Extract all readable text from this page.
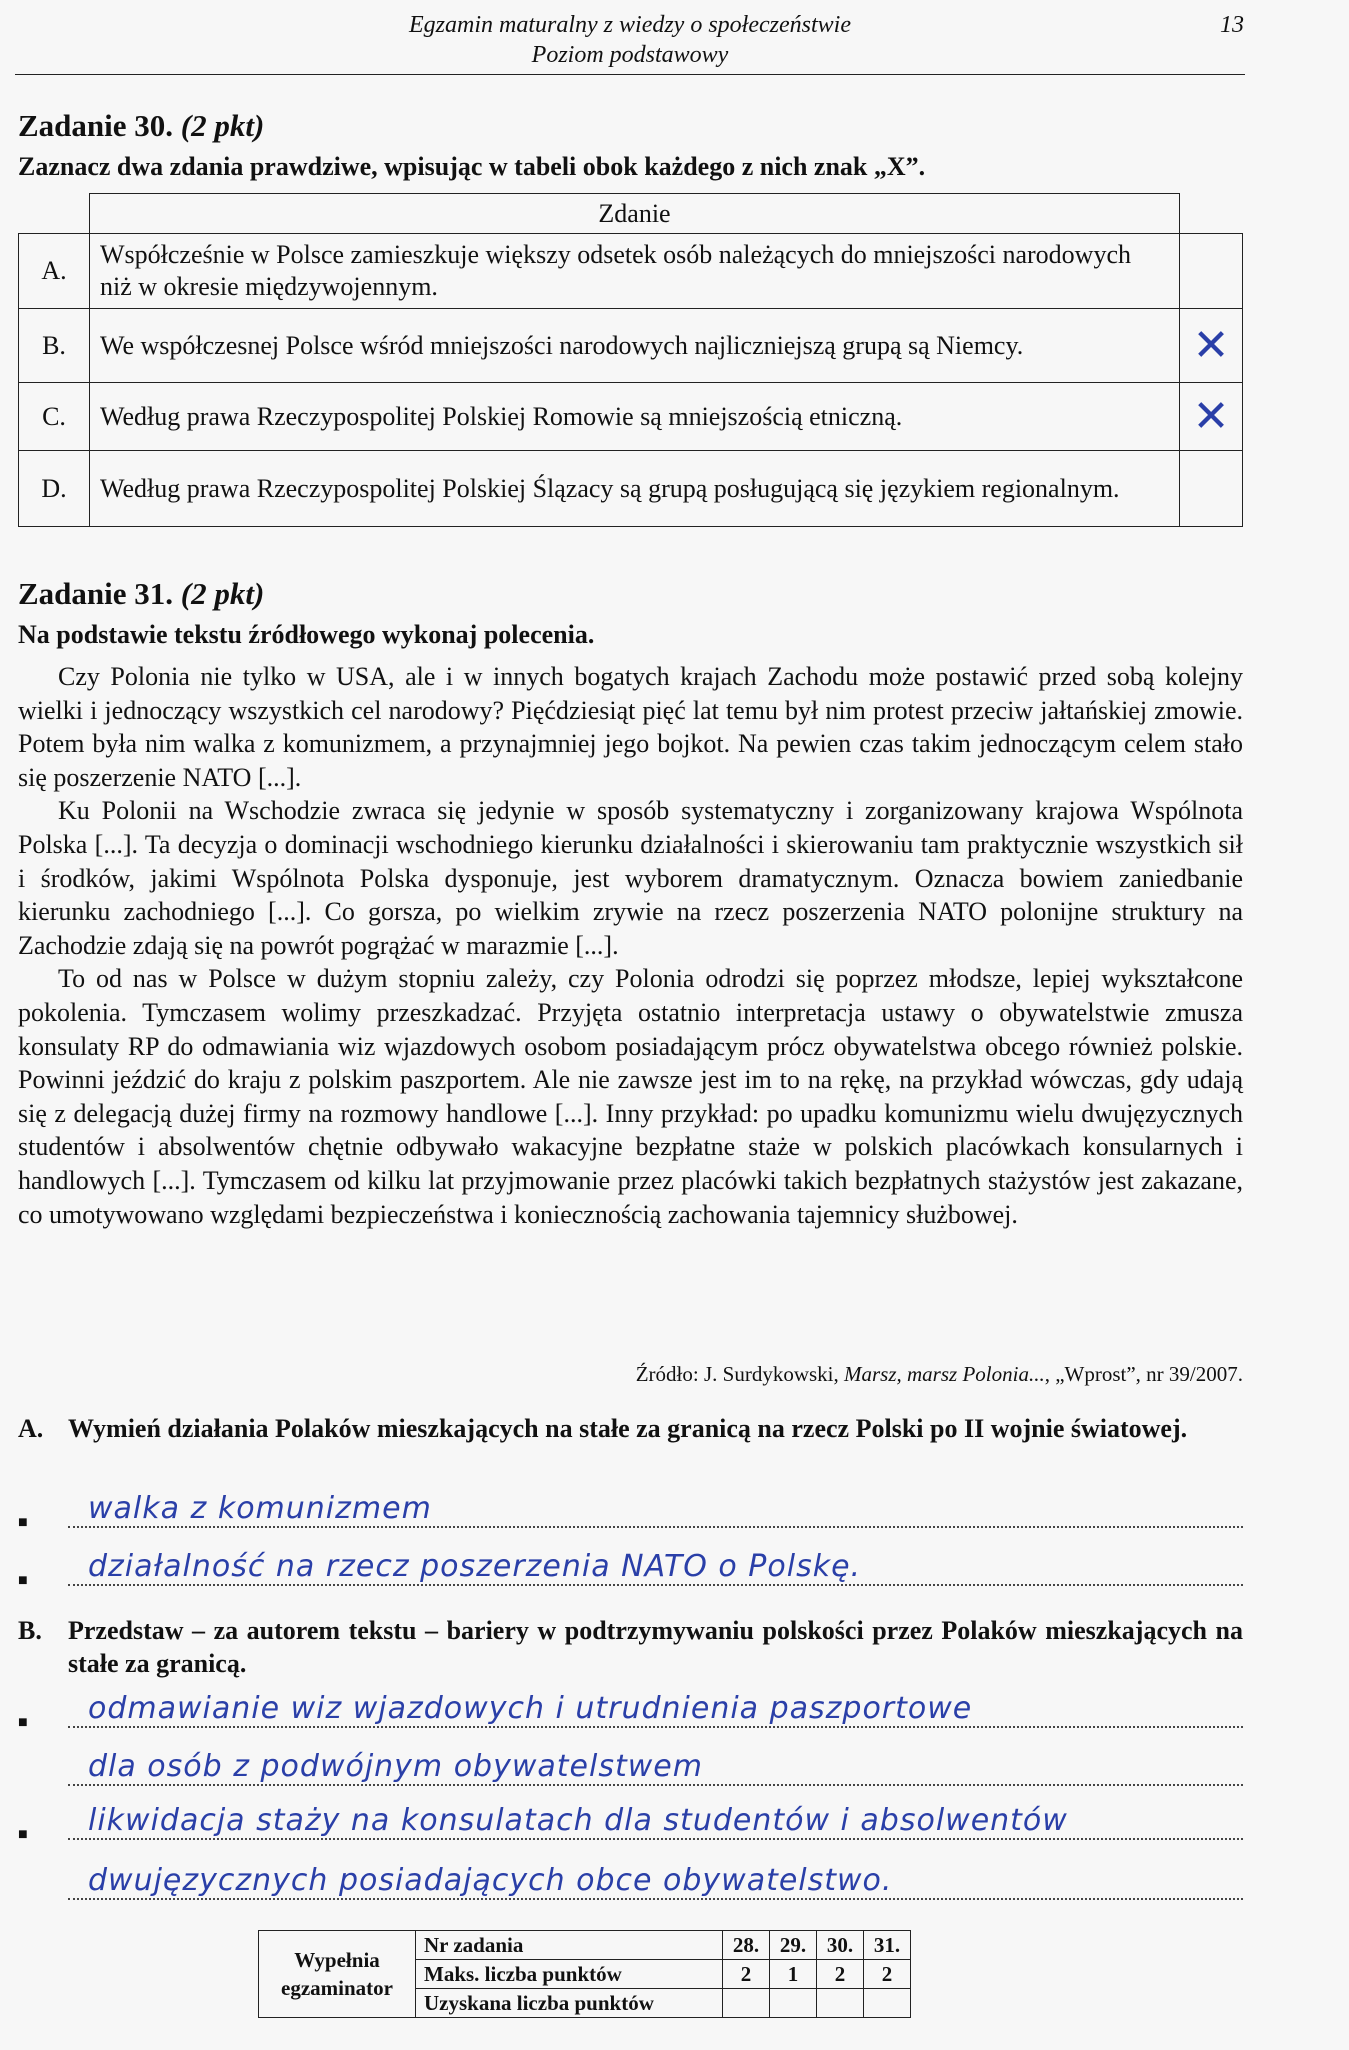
Egzamin maturalny z wiedzy o społeczeństwie
Poziom podstawowy
13
Zadanie 30. (2 pkt)
Zaznacz dwa zdania prawdziwe, wpisując w tabeli obok każdego z nich znak „X”.
	Zdanie	
A.	Współcześnie w Polsce zamieszkuje większy odsetek osób należących do mniejszości narodowych niż w okresie międzywojennym.	
B.	We współczesnej Polsce wśród mniejszości narodowych najliczniejszą grupą są Niemcy.	✕
C.	Według prawa Rzeczypospolitej Polskiej Romowie są mniejszością etniczną.	✕
D.	Według prawa Rzeczypospolitej Polskiej Ślązacy są grupą posługującą się językiem regionalnym.	
Zadanie 31. (2 pkt)
Na podstawie tekstu źródłowego wykonaj polecenia.

Czy Polonia nie tylko w USA, ale i w innych bogatych krajach Zachodu może postawić przed sobą kolejny wielki i jednoczący wszystkich cel narodowy? Pięćdziesiąt pięć lat temu był nim protest przeciw jałtańskiej zmowie. Potem była nim walka z komunizmem, a przynajmniej jego bojkot. Na pewien czas takim jednoczącym celem stało się poszerzenie NATO [...].

Ku Polonii na Wschodzie zwraca się jedynie w sposób systematyczny i zorganizowany krajowa Wspólnota Polska [...]. Ta decyzja o dominacji wschodniego kierunku działalności i skierowaniu tam praktycznie wszystkich sił i środków, jakimi Wspólnota Polska dysponuje, jest wyborem dramatycznym. Oznacza bowiem zaniedbanie kierunku zachodniego [...]. Co gorsza, po wielkim zrywie na rzecz poszerzenia NATO polonijne struktury na Zachodzie zdają się na powrót pogrążać w marazmie [...].

To od nas w Polsce w dużym stopniu zależy, czy Polonia odrodzi się poprzez młodsze, lepiej wykształcone pokolenia. Tymczasem wolimy przeszkadzać. Przyjęta ostatnio interpretacja ustawy o obywatelstwie zmusza konsulaty RP do odmawiania wiz wjazdowych osobom posiadającym prócz obywatelstwa obcego również polskie. Powinni jeździć do kraju z polskim paszportem. Ale nie zawsze jest im to na rękę, na przykład wówczas, gdy udają się z delegacją dużej firmy na rozmowy handlowe [...]. Inny przykład: po upadku komunizmu wielu dwujęzycznych studentów i absolwentów chętnie odbywało wakacyjne bezpłatne staże w polskich placówkach konsularnych i handlowych [...]. Tymczasem od kilku lat przyjmowanie przez placówki takich bezpłatnych stażystów jest zakazane, co umotywowano względami bezpieczeństwa i koniecznością zachowania tajemnicy służbowej.

Źródło: J. Surdykowski, Marsz, marsz Polonia..., „Wprost”, nr 39/2007.
A. Wymień działania Polaków mieszkających na stałe za granicą na rzecz Polski po II wojnie światowej.
■ walka z komunizmem
■ działalność na rzecz poszerzenia NATO o Polskę.
B. Przedstaw – za autorem tekstu – bariery w podtrzymywaniu polskości przez Polaków mieszkających na stałe za granicą.
■ odmawianie wiz wjazdowych i utrudnienia paszportowe
dla osób z podwójnym obywatelstwem
■ likwidacja staży na konsulatach dla studentów i absolwentów
dwujęzycznych posiadających obce obywatelstwo.
Wypełnia
egzaminator	Nr zadania	28.	29.	30.	31.
	Maks. liczba punktów	2	1	2	2
	Uzyskana liczba punktów				
